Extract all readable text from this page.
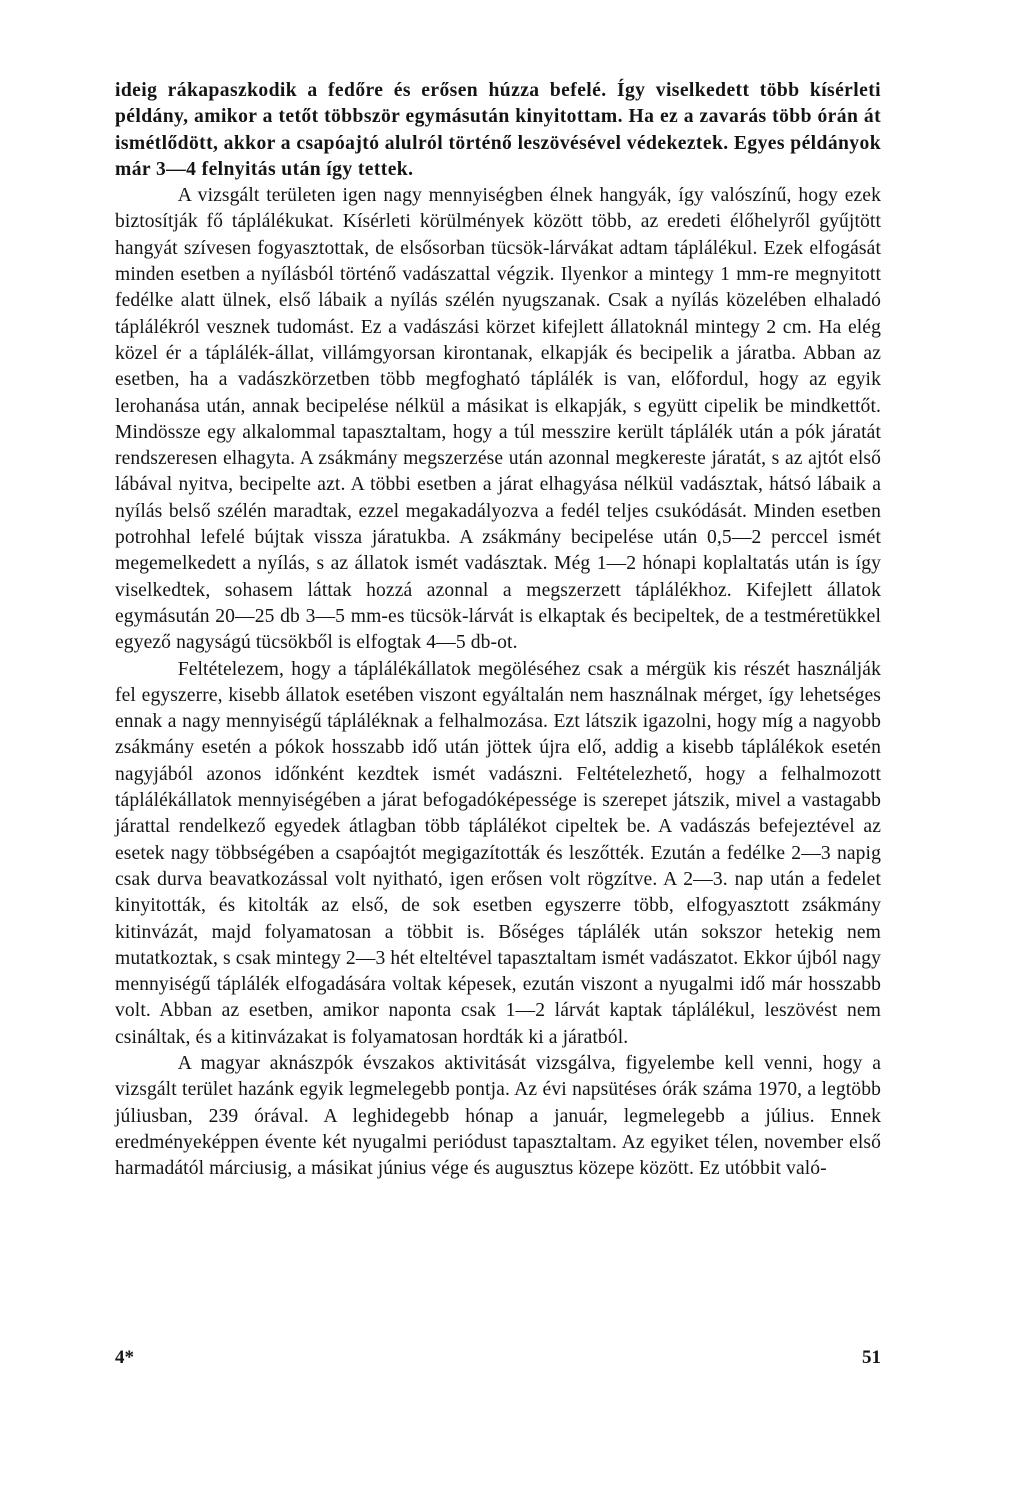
ideig rákapaszkodik a fedőre és erősen húzza befelé. Így viselkedett több kísérleti példány, amikor a tetőt többször egymásután kinyitottam. Ha ez a zavarás több órán át ismétlődött, akkor a csapóajtó alulról történő leszövésével védekeztek. Egyes példányok már 3—4 felnyitás után így tettek.

A vizsgált területen igen nagy mennyiségben élnek hangyák, így valószínű, hogy ezek biztosítják fő táplálékukat. Kísérleti körülmények között több, az eredeti élőhelyről gyűjtött hangyát szívesen fogyasztottak, de elsősorban tücsök-lárvákat adtam táplálékul. Ezek elfogását minden esetben a nyílásból történő vadászattal végzik. Ilyenkor a mintegy 1 mm-re megnyitott fedélke alatt ülnek, első lábaik a nyílás szélén nyugszanak. Csak a nyílás közelében elhaladó táplálékról vesznek tudomást. Ez a vadászási körzet kifejlett állatoknál mintegy 2 cm. Ha elég közel ér a táplálék-állat, villámgyorsan kirontanak, elkapják és becipelik a járatba. Abban az esetben, ha a vadászkörzetben több megfogható táplálék is van, előfordul, hogy az egyik lerohanása után, annak becipelése nélkül a másikat is elkapják, s együtt cipelik be mindkettőt. Mindössze egy alkalommal tapasztaltam, hogy a túl messzire került táplálék után a pók járatát rendszeresen elhagyta. A zsákmány megszerzése után azonnal megkereste járatát, s az ajtót első lábával nyitva, becipelte azt. A többi esetben a járat elhagyása nélkül vadásztak, hátsó lábaik a nyílás belső szélén maradtak, ezzel megakadályozva a fedél teljes csukódását. Minden esetben potrohhal lefelé bújtak vissza járatukba. A zsákmány becipelése után 0,5—2 perccel ismét megemelkedett a nyílás, s az állatok ismét vadásztak. Még 1—2 hónapi koplaltatás után is így viselkedtek, sohasem láttak hozzá azonnal a megszerzett táplálékhoz. Kifejlett állatok egymásután 20—25 db 3—5 mm-es tücsök-lárvát is elkaptak és becipeltek, de a testméretükkel egyező nagyságú tücsökből is elfogtak 4—5 db-ot.

Feltételezem, hogy a táplálékállatok megöléséhez csak a mérgük kis részét használják fel egyszerre, kisebb állatok esetében viszont egyáltalán nem használnak mérget, így lehetséges ennak a nagy mennyiségű tápláléknak a felhalmozása. Ezt látszik igazolni, hogy míg a nagyobb zsákmány esetén a pókok hosszabb idő után jöttek újra elő, addig a kisebb táplálékok esetén nagyjából azonos időnként kezdtek ismét vadászni. Feltételezhető, hogy a felhalmozott táplálékállatok mennyiségében a járat befogadóképessége is szerepet játszik, mivel a vastagabb járattal rendelkező egyedek átlagban több táplálékot cipeltek be. A vadászás befejeztével az esetek nagy többségében a csapóajtót megigazították és leszőtték. Ezután a fedélke 2—3 napig csak durva beavatkozással volt nyitható, igen erősen volt rögzítve. A 2—3. nap után a fedelet kinyitották, és kitolták az első, de sok esetben egyszerre több, elfogyasztott zsákmány kitinvázát, majd folyamatosan a többit is. Bőséges táplálék után sokszor hetekig nem mutatkoztak, s csak mintegy 2—3 hét elteltével tapasztaltam ismét vadászatot. Ekkor újból nagy mennyiségű táplálék elfogadására voltak képesek, ezután viszont a nyugalmi idő már hosszabb volt. Abban az esetben, amikor naponta csak 1—2 lárvát kaptak táplálékul, leszövést nem csináltak, és a kitinvázakat is folyamatosan hordták ki a járatból.

A magyar aknászpók évszakos aktivitását vizsgálva, figyelembe kell venni, hogy a vizsgált terület hazánk egyik legmelegebb pontja. Az évi napsütéses órák száma 1970, a legtöbb júliusban, 239 órával. A leghidegebb hónap a január, legmelegebb a július. Ennek eredményeképpen évente két nyugalmi periódust tapasztaltam. Az egyiket télen, november első harmadától márciusig, a másikat június vége és augusztus közepe között. Ez utóbbit való-

4*	51
